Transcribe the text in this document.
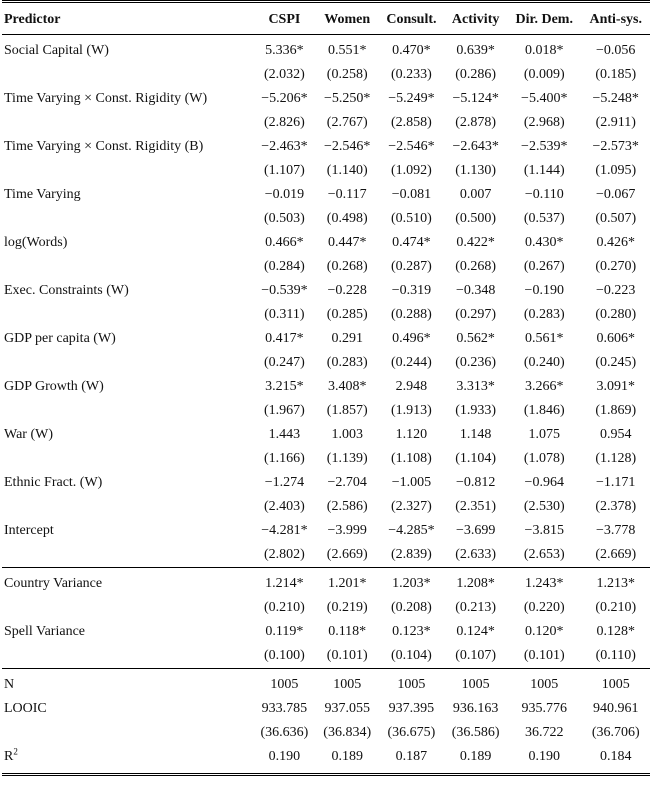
Predictor	CSPI	Women	Consult.	Activity	Dir. Dem.	Anti-sys.
Social Capital (W)	5.336*	0.551*	0.470*	0.639*	0.018*	−0.056
	(2.032)	(0.258)	(0.233)	(0.286)	(0.009)	(0.185)
Time Varying × Const. Rigidity (W)	−5.206*	−5.250*	−5.249*	−5.124*	−5.400*	−5.248*
	(2.826)	(2.767)	(2.858)	(2.878)	(2.968)	(2.911)
Time Varying × Const. Rigidity (B)	−2.463*	−2.546*	−2.546*	−2.643*	−2.539*	−2.573*
	(1.107)	(1.140)	(1.092)	(1.130)	(1.144)	(1.095)
Time Varying	−0.019	−0.117	−0.081	0.007	−0.110	−0.067
	(0.503)	(0.498)	(0.510)	(0.500)	(0.537)	(0.507)
log(Words)	0.466*	0.447*	0.474*	0.422*	0.430*	0.426*
	(0.284)	(0.268)	(0.287)	(0.268)	(0.267)	(0.270)
Exec. Constraints (W)	−0.539*	−0.228	−0.319	−0.348	−0.190	−0.223
	(0.311)	(0.285)	(0.288)	(0.297)	(0.283)	(0.280)
GDP per capita (W)	0.417*	0.291	0.496*	0.562*	0.561*	0.606*
	(0.247)	(0.283)	(0.244)	(0.236)	(0.240)	(0.245)
GDP Growth (W)	3.215*	3.408*	2.948	3.313*	3.266*	3.091*
	(1.967)	(1.857)	(1.913)	(1.933)	(1.846)	(1.869)
War (W)	1.443	1.003	1.120	1.148	1.075	0.954
	(1.166)	(1.139)	(1.108)	(1.104)	(1.078)	(1.128)
Ethnic Fract. (W)	−1.274	−2.704	−1.005	−0.812	−0.964	−1.171
	(2.403)	(2.586)	(2.327)	(2.351)	(2.530)	(2.378)
Intercept	−4.281*	−3.999	−4.285*	−3.699	−3.815	−3.778
	(2.802)	(2.669)	(2.839)	(2.633)	(2.653)	(2.669)
Country Variance	1.214*	1.201*	1.203*	1.208*	1.243*	1.213*
	(0.210)	(0.219)	(0.208)	(0.213)	(0.220)	(0.210)
Spell Variance	0.119*	0.118*	0.123*	0.124*	0.120*	0.128*
	(0.100)	(0.101)	(0.104)	(0.107)	(0.101)	(0.110)
N	1005	1005	1005	1005	1005	1005
LOOIC	933.785	937.055	937.395	936.163	935.776	940.961
	(36.636)	(36.834)	(36.675)	(36.586)	36.722	(36.706)
$R^2$	0.190	0.189	0.187	0.189	0.190	0.184
